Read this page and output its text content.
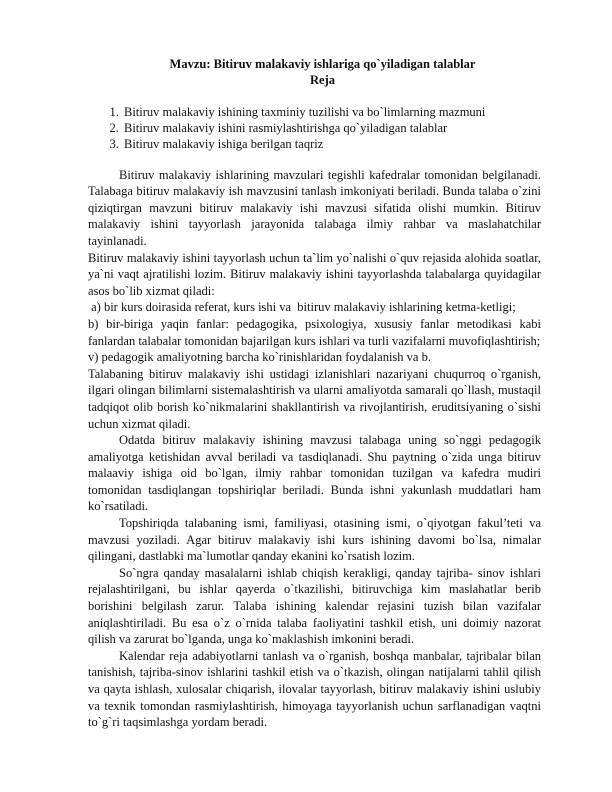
Mavzu: Bitiruv malakaviy ishlariga qo`yiladigan talablar
Reja
1. Bitiruv malakaviy ishining taxminiy tuzilishi va bo`limlarning mazmuni
2. Bitiruv malakaviy ishini rasmiylashtirishga qo`yiladigan talablar
3. Bitiruv malakaviy ishiga berilgan taqriz

Bitiruv malakaviy ishlarining mavzulari tegishli kafedralar tomonidan belgilanadi. Talabaga bitiruv malakaviy ish mavzusini tanlash imkoniyati beriladi. Bunda talaba o`zini qiziqtirgan mavzuni bitiruv malakaviy ishi mavzusi sifatida olishi mumkin. Bitiruv malakaviy ishini tayyorlash jarayonida talabaga ilmiy rahbar va maslahatchilar tayinlanadi.

Bitiruv malakaviy ishini tayyorlash uchun ta`lim yo`nalishi o`quv rejasida alohida soatlar, ya`ni vaqt ajratilishi lozim. Bitiruv malakaviy ishini tayyorlashda talabalarga quyidagilar asos bo`lib xizmat qiladi:

a) bir kurs doirasida referat, kurs ishi va  bitiruv malakaviy ishlarining ketma-ketligi;

b) bir-biriga yaqin fanlar: pedagogika, psixologiya, xususiy fanlar metodikasi kabi fanlardan talabalar tomonidan bajarilgan kurs ishlari va turli vazifalarni muvofiqlashtirish;

v) pedagogik amaliyotning barcha ko`rinishlaridan foydalanish va b.

Talabaning bitiruv malakaviy ishi ustidagi izlanishlari nazariyani chuqurroq o`rganish, ilgari olingan bilimlarni sistemalashtirish va ularni amaliyotda samarali qo`llash, mustaqil tadqiqot olib borish ko`nikmalarini shakllantirish va rivojlantirish, eruditsiyaning o`sishi uchun xizmat qiladi.

Odatda bitiruv malakaviy ishining mavzusi talabaga uning so`nggi pedagogik amaliyotga ketishidan avval beriladi va tasdiqlanadi. Shu paytning o`zida unga bitiruv malaaviy ishiga oid bo`lgan, ilmiy rahbar tomonidan tuzilgan va kafedra mudiri tomonidan tasdiqlangan topshiriqlar beriladi. Bunda ishni yakunlash muddatlari ham ko`rsatiladi.

Topshiriqda talabaning ismi, familiyasi, otasining ismi, o`qiyotgan fakul’teti va mavzusi yoziladi. Agar bitiruv malakaviy ishi kurs ishining davomi bo`lsa, nimalar qilingani, dastlabki ma`lumotlar qanday ekanini ko`rsatish lozim.

So`ngra qanday masalalarni ishlab chiqish kerakligi, qanday tajriba- sinov ishlari rejalashtirilgani, bu ishlar qayerda o`tkazilishi, bitiruvchiga kim maslahatlar berib borishini belgilash zarur. Talaba ishining kalendar rejasini tuzish bilan vazifalar aniqlashtiriladi. Bu esa o`z o`rnida talaba faoliyatini tashkil etish, uni doimiy nazorat qilish va zarurat bo`lganda, unga ko`maklashish imkonini beradi.

Kalendar reja adabiyotlarni tanlash va o`rganish, boshqa manbalar, tajribalar bilan tanishish, tajriba-sinov ishlarini tashkil etish va o`tkazish, olingan natijalarni tahlil qilish va qayta ishlash, xulosalar chiqarish, ilovalar tayyorlash, bitiruv malakaviy ishini uslubiy va texnik tomondan rasmiylashtirish, himoyaga tayyorlanish uchun sarflanadigan vaqtni to`g`ri taqsimlashga yordam beradi.
